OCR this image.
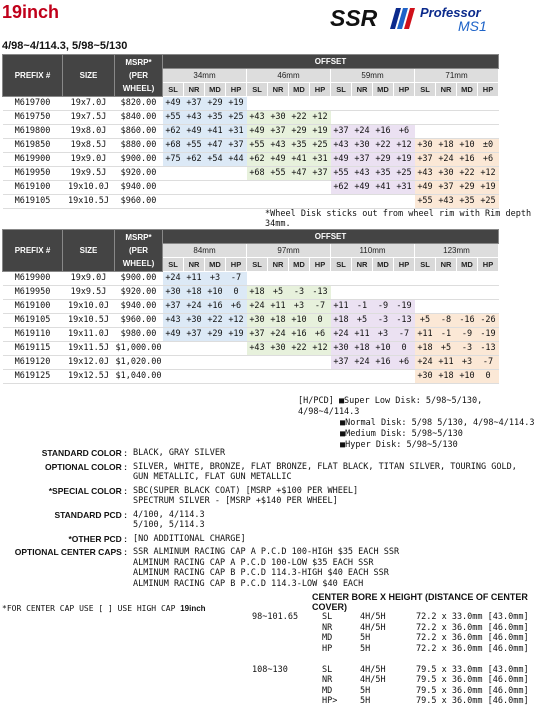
19inch	SSR	Professor
MS1
4/98~4/114.3, 5/98~5/130
PREFIX #	SIZE	MSRP* (PER WHEEL)	OFFSET															
			34mm				46mm				59mm				71mm			
			SL	NR	MD	HP	SL	NR	MD	HP	SL	NR	MD	HP	SL	NR	MD	HP
M619700	19x7.0J	$820.00	+49	+37	+29	+19												
M619750	19x7.5J	$840.00	+55	+43	+35	+25	+43	+30	+22	+12								
M619800	19x8.0J	$860.00	+62	+49	+41	+31	+49	+37	+29	+19	+37	+24	+16	+6				
M619850	19x8.5J	$880.00	+68	+55	+47	+37	+55	+43	+35	+25	+43	+30	+22	+12	+30	+18	+10	±0
M619900	19x9.0J	$900.00	+75	+62	+54	+44	+62	+49	+41	+31	+49	+37	+29	+19	+37	+24	+16	+6
M619950	19x9.5J	$920.00					+68	+55	+47	+37	+55	+43	+35	+25	+43	+30	+22	+12
M619100	19x10.0J	$940.00									+62	+49	+41	+31	+49	+37	+29	+19
M619105	19x10.5J	$960.00													+55	+43	+35	+25
*Wheel Disk sticks out from wheel rim with Rim depth 34mm.
PREFIX #	SIZE	MSRP* (PER WHEEL)	OFFSET															
			84mm				97mm				110mm				123mm			
			SL	NR	MD	HP	SL	NR	MD	HP	SL	NR	MD	HP	SL	NR	MD	HP
M619900	19x9.0J	$900.00	+24	+11	+3	-7												
M619950	19x9.5J	$920.00	+30	+18	+10	0	+18	+5	-3	-13								
M619100	19x10.0J	$940.00	+37	+24	+16	+6	+24	+11	+3	-7	+11	-1	-9	-19				
M619105	19x10.5J	$960.00	+43	+30	+22	+12	+30	+18	+10	0	+18	+5	-3	-13	+5	-8	-16	-26
M619110	19x11.0J	$980.00	+49	+37	+29	+19	+37	+24	+16	+6	+24	+11	+3	-7	+11	-1	-9	-19
M619115	19x11.5J	$1,000.00					+43	+30	+22	+12	+30	+18	+10	0	+18	+5	-3	-13
M619120	19x12.0J	$1,020.00									+37	+24	+16	+6	+24	+11	+3	-7
M619125	19x12.5J	$1,040.00													+30	+18	+10	0
[H/PCD] ■Super Low Disk: 5/98~5/130, 4/98~4/114.3
■Normal Disk: 5/98 5/130, 4/98~4/114.3
■Medium Disk: 5/98~5/130
■Hyper Disk: 5/98~5/130
STANDARD COLOR : BLACK, GRAY SILVER
OPTIONAL COLOR : SILVER, WHITE, BRONZE, FLAT BRONZE, FLAT BLACK, TITAN SILVER, TOURING GOLD, GUN METALLIC, FLAT GUN METALLIC
*SPECIAL COLOR : SBC(SUPER BLACK COAT) [MSRP +$100 PER WHEEL] SPECTRUM SILVER - [MSRP +$140 PER WHEEL]
STANDARD PCD : 4/100, 4/114.3 5/100, 5/114.3
*OTHER PCD : [NO ADDITIONAL CHARGE]
OPTIONAL CENTER CAPS : SSR ALMINUM RACING CAP A P.C.D 100-HIGH $35 EACH SSR ALMINUM RACING CAP A P.C.D 100-LOW $35 EACH SSR ALMINUM RACING CAP B P.C.D 114.3-HIGH $40 EACH SSR ALMINUM RACING CAP B P.C.D 114.3-LOW $40 EACH
*FOR CENTER CAP USE [ ] USE HIGH CAP 19inch
CENTER BORE X HEIGHT (DISTANCE OF CENTER COVER)
98~101.65	SL	4H/5H	72.2 x 33.0mm [43.0mm]
	NR	4H/5H	72.2 x 36.0mm [46.0mm]
	MD	5H	72.2 x 36.0mm [46.0mm]
	HP	5H	72.2 x 36.0mm [46.0mm]

108~130	SL	4H/5H	79.5 x 33.0mm [43.0mm]
	NR	4H/5H	79.5 x 36.0mm [46.0mm]
	MD	5H	79.5 x 36.0mm [46.0mm]
	HP>	5H	79.5 x 36.0mm [46.0mm]
